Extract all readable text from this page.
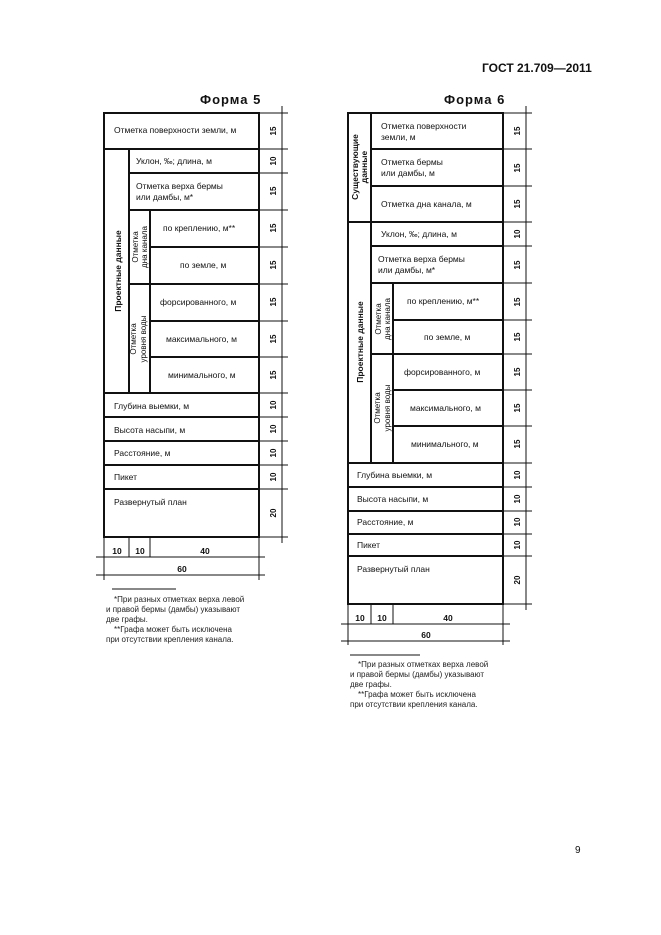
ГОСТ 21.709—2011
Форма 5
Отметка поверхности земли, м
Уклон, ‰; длина, м
Отметка верха бермы
или дамбы, м*
по креплению, м**
по земле, м
форсированного, м
максимального, м
минимального, м
Глубина выемки, м
Высота насыпи, м
Расстояние, м
Пикет
Развернутый план
Проектные данные Отметка дна канала
Отметка уровня воды
15
10
15
15
15
15
15
15
10
10
10
10
20
10 10	40
60
*При разных отметках верха левой
и правой бермы (дамбы) указывают
две графы.
**Графа может быть исключена
при отсутствии крепления канала.
Форма 6
Отметка поверхности
земли, м
Отметка бермы
или дамбы, м
Отметка дна канала, м
Уклон, ‰; длина, м
Отметка верха бермы
или дамбы, м*
по креплению, м**
по земле, м
форсированного, м
максимального, м
минимального, м
Глубина выемки, м
Высота насыпи, м
Расстояние, м
Пикет
Развернутый план
Существующие данные
Проектные данные Отметка дна канала
Отметка уровня воды
15
15
15
10
15
15
15
15
15
15
10
10
10
10
20
10 10	40
60
*При разных отметках верха левой
и правой бермы (дамбы) указывают
две графы.
**Графа может быть исключена
при отсутствии крепления канала.
9
